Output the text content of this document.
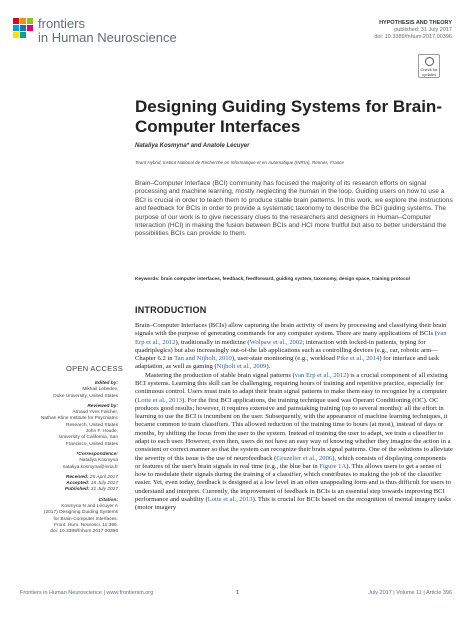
frontiers
in Human Neuroscience
HYPOTHESIS AND THEORY
published: 31 July 2017
doi: 10.3389/fnhum.2017.00396
Check for
updates
Designing Guiding Systems for Brain-Computer Interfaces
Nataliya Kosmyna* and Anatole Lécuyer
Team Hybrid, Institut National de Recherche en Informatique et en Automatique (INRIA), Rennes, France
Brain–Computer Interface (BCI) community has focused the majority of its research efforts on signal processing and machine learning, mostly neglecting the human in the loop. Guiding users on how to use a BCI is crucial in order to teach them to produce stable brain patterns. In this work, we explore the instructions and feedback for BCIs in order to provide a systematic taxonomy to describe the BCI guiding systems. The purpose of our work is to give necessary clues to the researchers and designers in Human–Computer Interaction (HCI) in making the fusion between BCIs and HCI more fruitful but also to better understand the possibilities BCIs can provide to them.
Keywords: brain computer interfaces, feedback, feedforward, guiding system, taxonomy, design space, training protocol
OPEN ACCESS
Edited by:
Mikhail Lebedev,
Duke University, United States
Reviewed by:
Arnaud Yves Falcher,
Nathan Kline Institute for Psychiatric
Research, United States
John F. Houde,
University of California, San
Francisco, United States
*Correspondence:
Nataliya Kosmyna
nataliya.kosmyna@inria.fr
Received: 25 April 2017
Accepted: 18 July 2017
Published: 31 July 2017
Citation:
Kosmyna N and Lécuyer A
(2017) Designing Guiding Systems
for Brain-Computer Interfaces.
Front. Hum. Neurosci. 11:396.
doi: 10.3389/fnhum.2017.00396
INTRODUCTION

Brain–Computer Interfaces (BCIs) allow capturing the brain activity of users by processing and classifying their brain signals with the purpose of generating commands for any computer system. There are many applications of BCIs (van Erp et al., 2012), traditionally in medicine (Wolpaw et al., 2002; interaction with locked-in patients, typing for quadriplegics) but also increasingly out-of-the lab applications such as controlling devices (e.g., car, robotic arm—Chapter 6.2 in Tan and Nijholt, 2010), user-state monitoring (e.g., workload Pike et al., 2014) for interface and task adaptation, as well as gaming (Nijholt et al., 2009).

Mastering the production of stable brain signal patterns (van Erp et al., 2012) is a crucial component of all existing BCI systems. Learning this skill can be challenging, requiring hours of training and repetitive practice, especially for continuous control. Users must train to adapt their brain signal patterns to make them easy to recognize by a computer (Lotte et al., 2013). For the first BCI applications, the training technique used was Operant Conditioning (OC). OC produces good results; however, it requires extensive and painstaking training (up to several months): all the effort in learning to use the BCI is incumbent on the user. Subsequently, with the appearance of machine learning techniques, it became common to train classifiers. This allowed reduction of the training time to hours (at most), instead of days or months, by shifting the focus from the user to the system. Instead of training the user to adapt, we train a classifier to adapt to each user. However, even then, users do not have an easy way of knowing whether they imagine the action in a consistent or correct manner so that the system can recognize their brain signal patterns. One of the solutions to alleviate the severity of this issue is the use of neurofeedback (Gruzelier et al., 2006), which consists of displaying components or features of the user's brain signals in real time (e.g., the blue bar in Figure 1A). This allows users to get a sense of how to modulate their signals during the training of a classifier, which contributes to making the job of the classifier easier. Yet, even today, feedback is designed at a low level in an often unappealing form and is thus difficult for users to understand and interpret. Currently, the improvement of feedback in BCIs is an essential step towards improving BCI performance and usability (Lotte et al., 2013). This is crucial for BCIs based on the recognition of mental imagery tasks (motor imagery

Frontiers in Human Neuroscience | www.frontiersin.org	1	July 2017 | Volume 11 | Article 396
